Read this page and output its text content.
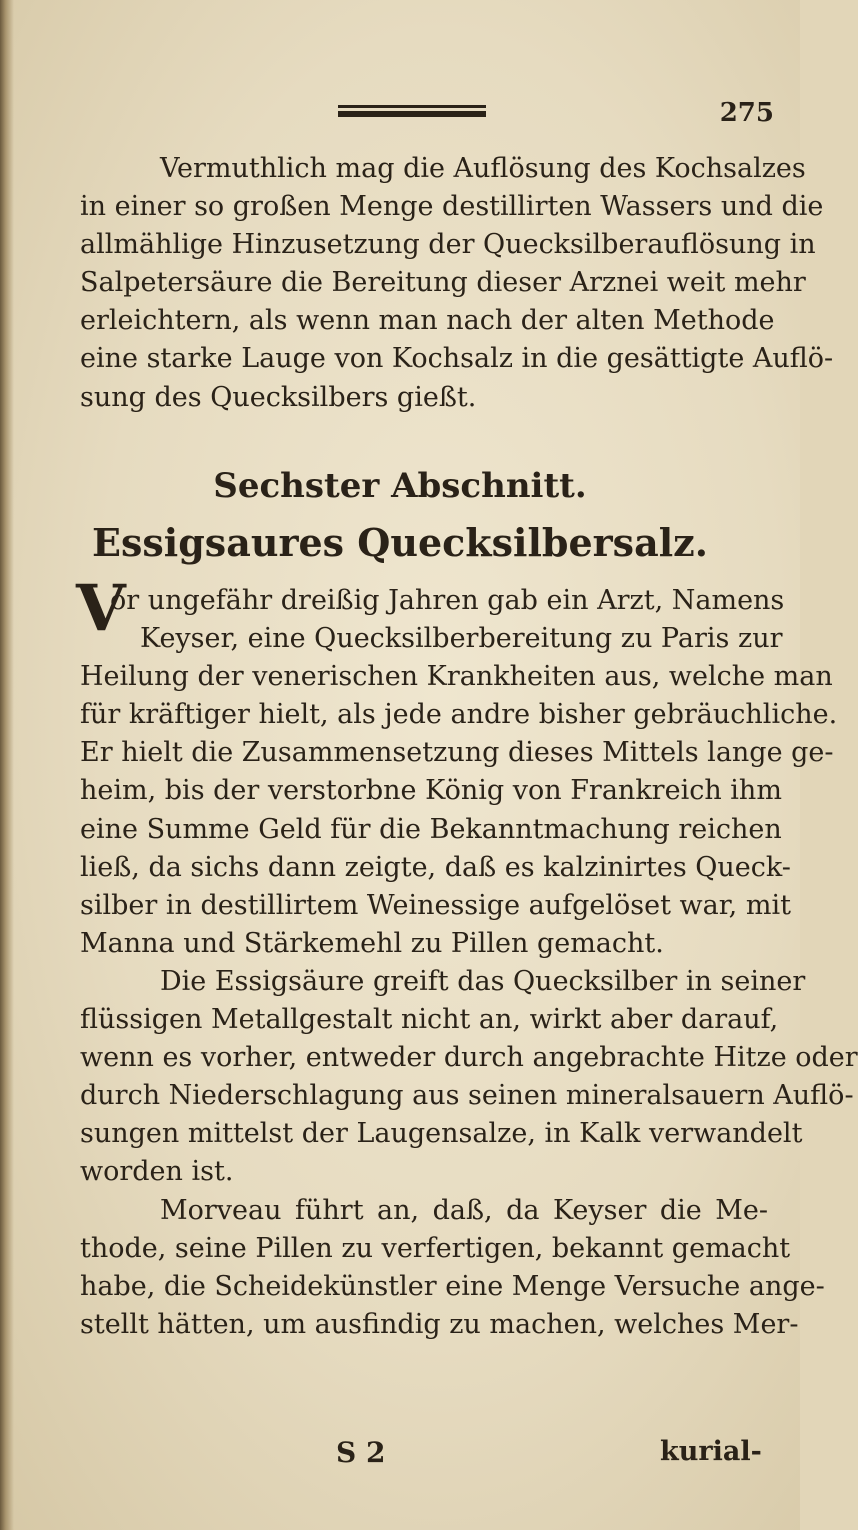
275
Vermuthlich mag die Auflösung des Kochsalzes
in einer so großen Menge destillirten Wassers und die
allmählige Hinzusetzung der Quecksilberauflösung in
Salpetersäure die Bereitung dieser Arznei weit mehr
erleichtern, als wenn man nach der alten Methode
eine starke Lauge von Kochsalz in die gesättigte Auflö-
sung des Quecksilbers gießt.
Sechster Abschnitt.
Essigsaures Quecksilbersalz.
V
or ungefähr dreißig Jahren gab ein Arzt, Namens
Keyser, eine Quecksilberbereitung zu Paris zur
Heilung der venerischen Krankheiten aus, welche man
für kräftiger hielt, als jede andre bisher gebräuchliche.
Er hielt die Zusammensetzung dieses Mittels lange ge-
heim, bis der verstorbne König von Frankreich ihm
eine Summe Geld für die Bekanntmachung reichen
ließ, da sichs dann zeigte, daß es kalzinirtes Queck-
silber in destillirtem Weinessige aufgelöset war, mit
Manna und Stärkemehl zu Pillen gemacht.
Die Essigsäure greift das Quecksilber in seiner
flüssigen Metallgestalt nicht an, wirkt aber darauf,
wenn es vorher, entweder durch angebrachte Hitze oder
durch Niederschlagung aus seinen mineralsauern Auflö-
sungen mittelst der Laugensalze, in Kalk verwandelt
worden ist.
Morveau führt an, daß, da Keyser die Me-
thode, seine Pillen zu verfertigen, bekannt gemacht
habe, die Scheidekünstler eine Menge Versuche ange-
stellt hätten, um ausfindig zu machen, welches Mer-
S 2	kurial-
